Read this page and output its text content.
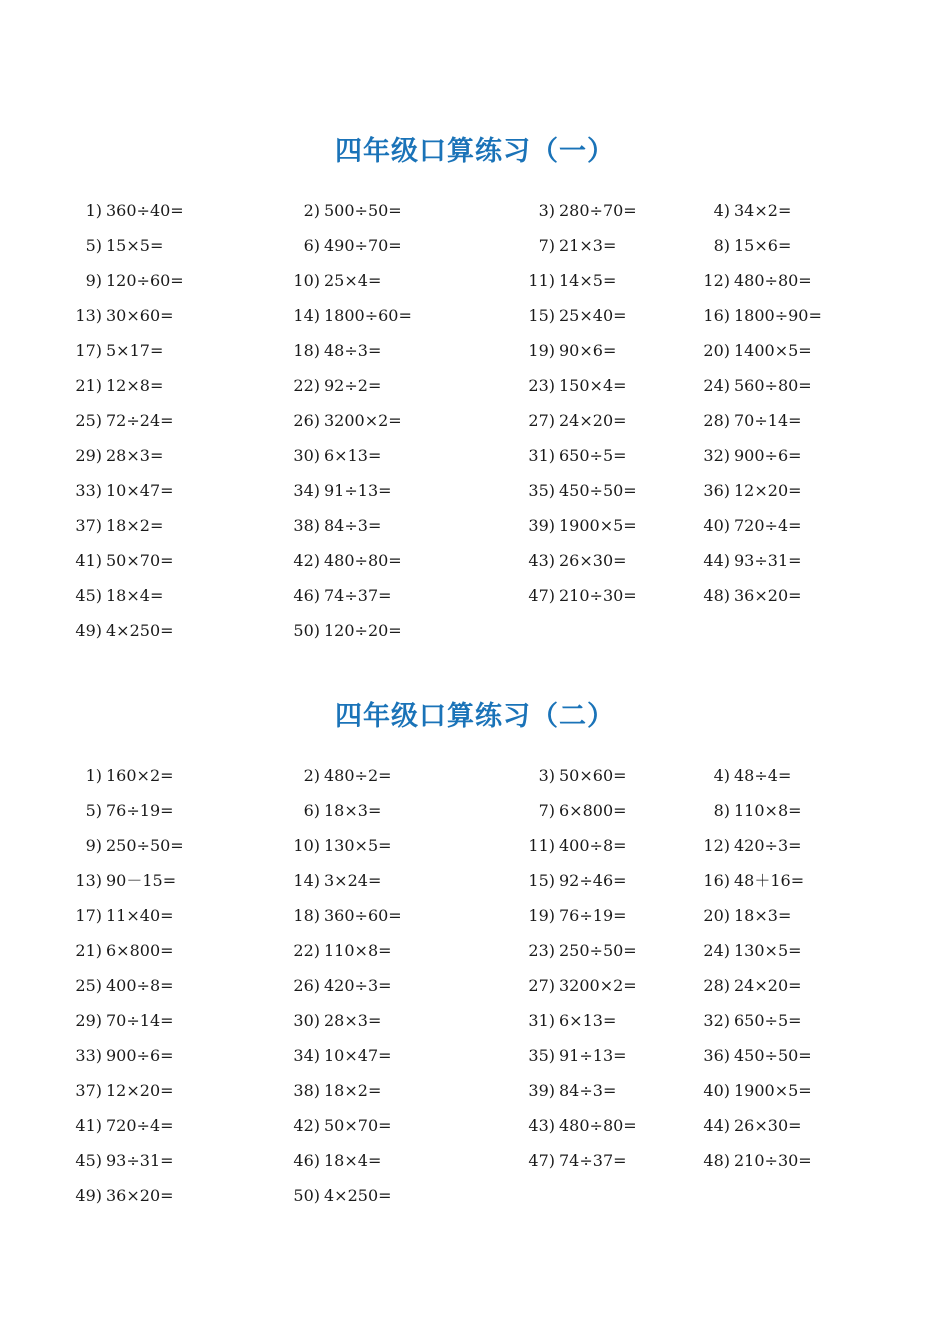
四年级口算练习（一）
1) 360÷40=	2) 500÷50=	3) 280÷70=	4) 34×2=
5) 15×5=	6) 490÷70=	7) 21×3=	8) 15×6=
9) 120÷60=	10) 25×4=	11) 14×5=	12) 480÷80=
13) 30×60=	14) 1800÷60=	15) 25×40=	16) 1800÷90=
17) 5×17=	18) 48÷3=	19) 90×6=	20) 1400×5=
21) 12×8=	22) 92÷2=	23) 150×4=	24) 560÷80=
25) 72÷24=	26) 3200×2=	27) 24×20=	28) 70÷14=
29) 28×3=	30) 6×13=	31) 650÷5=	32) 900÷6=
33) 10×47=	34) 91÷13=	35) 450÷50=	36) 12×20=
37) 18×2=	38) 84÷3=	39) 1900×5=	40) 720÷4=
41) 50×70=	42) 480÷80=	43) 26×30=	44) 93÷31=
45) 18×4=	46) 74÷37=	47) 210÷30=	48) 36×20=
49) 4×250=	50) 120÷20=
四年级口算练习（二）
1) 160×2=	2) 480÷2=	3) 50×60=	4) 48÷4=
5) 76÷19=	6) 18×3=	7) 6×800=	8) 110×8=
9) 250÷50=	10) 130×5=	11) 400÷8=	12) 420÷3=
13) 90－15=	14) 3×24=	15) 92÷46=	16) 48＋16=
17) 11×40=	18) 360÷60=	19) 76÷19=	20) 18×3=
21) 6×800=	22) 110×8=	23) 250÷50=	24) 130×5=
25) 400÷8=	26) 420÷3=	27) 3200×2=	28) 24×20=
29) 70÷14=	30) 28×3=	31) 6×13=	32) 650÷5=
33) 900÷6=	34) 10×47=	35) 91÷13=	36) 450÷50=
37) 12×20=	38) 18×2=	39) 84÷3=	40) 1900×5=
41) 720÷4=	42) 50×70=	43) 480÷80=	44) 26×30=
45) 93÷31=	46) 18×4=	47) 74÷37=	48) 210÷30=
49) 36×20=	50) 4×250=
